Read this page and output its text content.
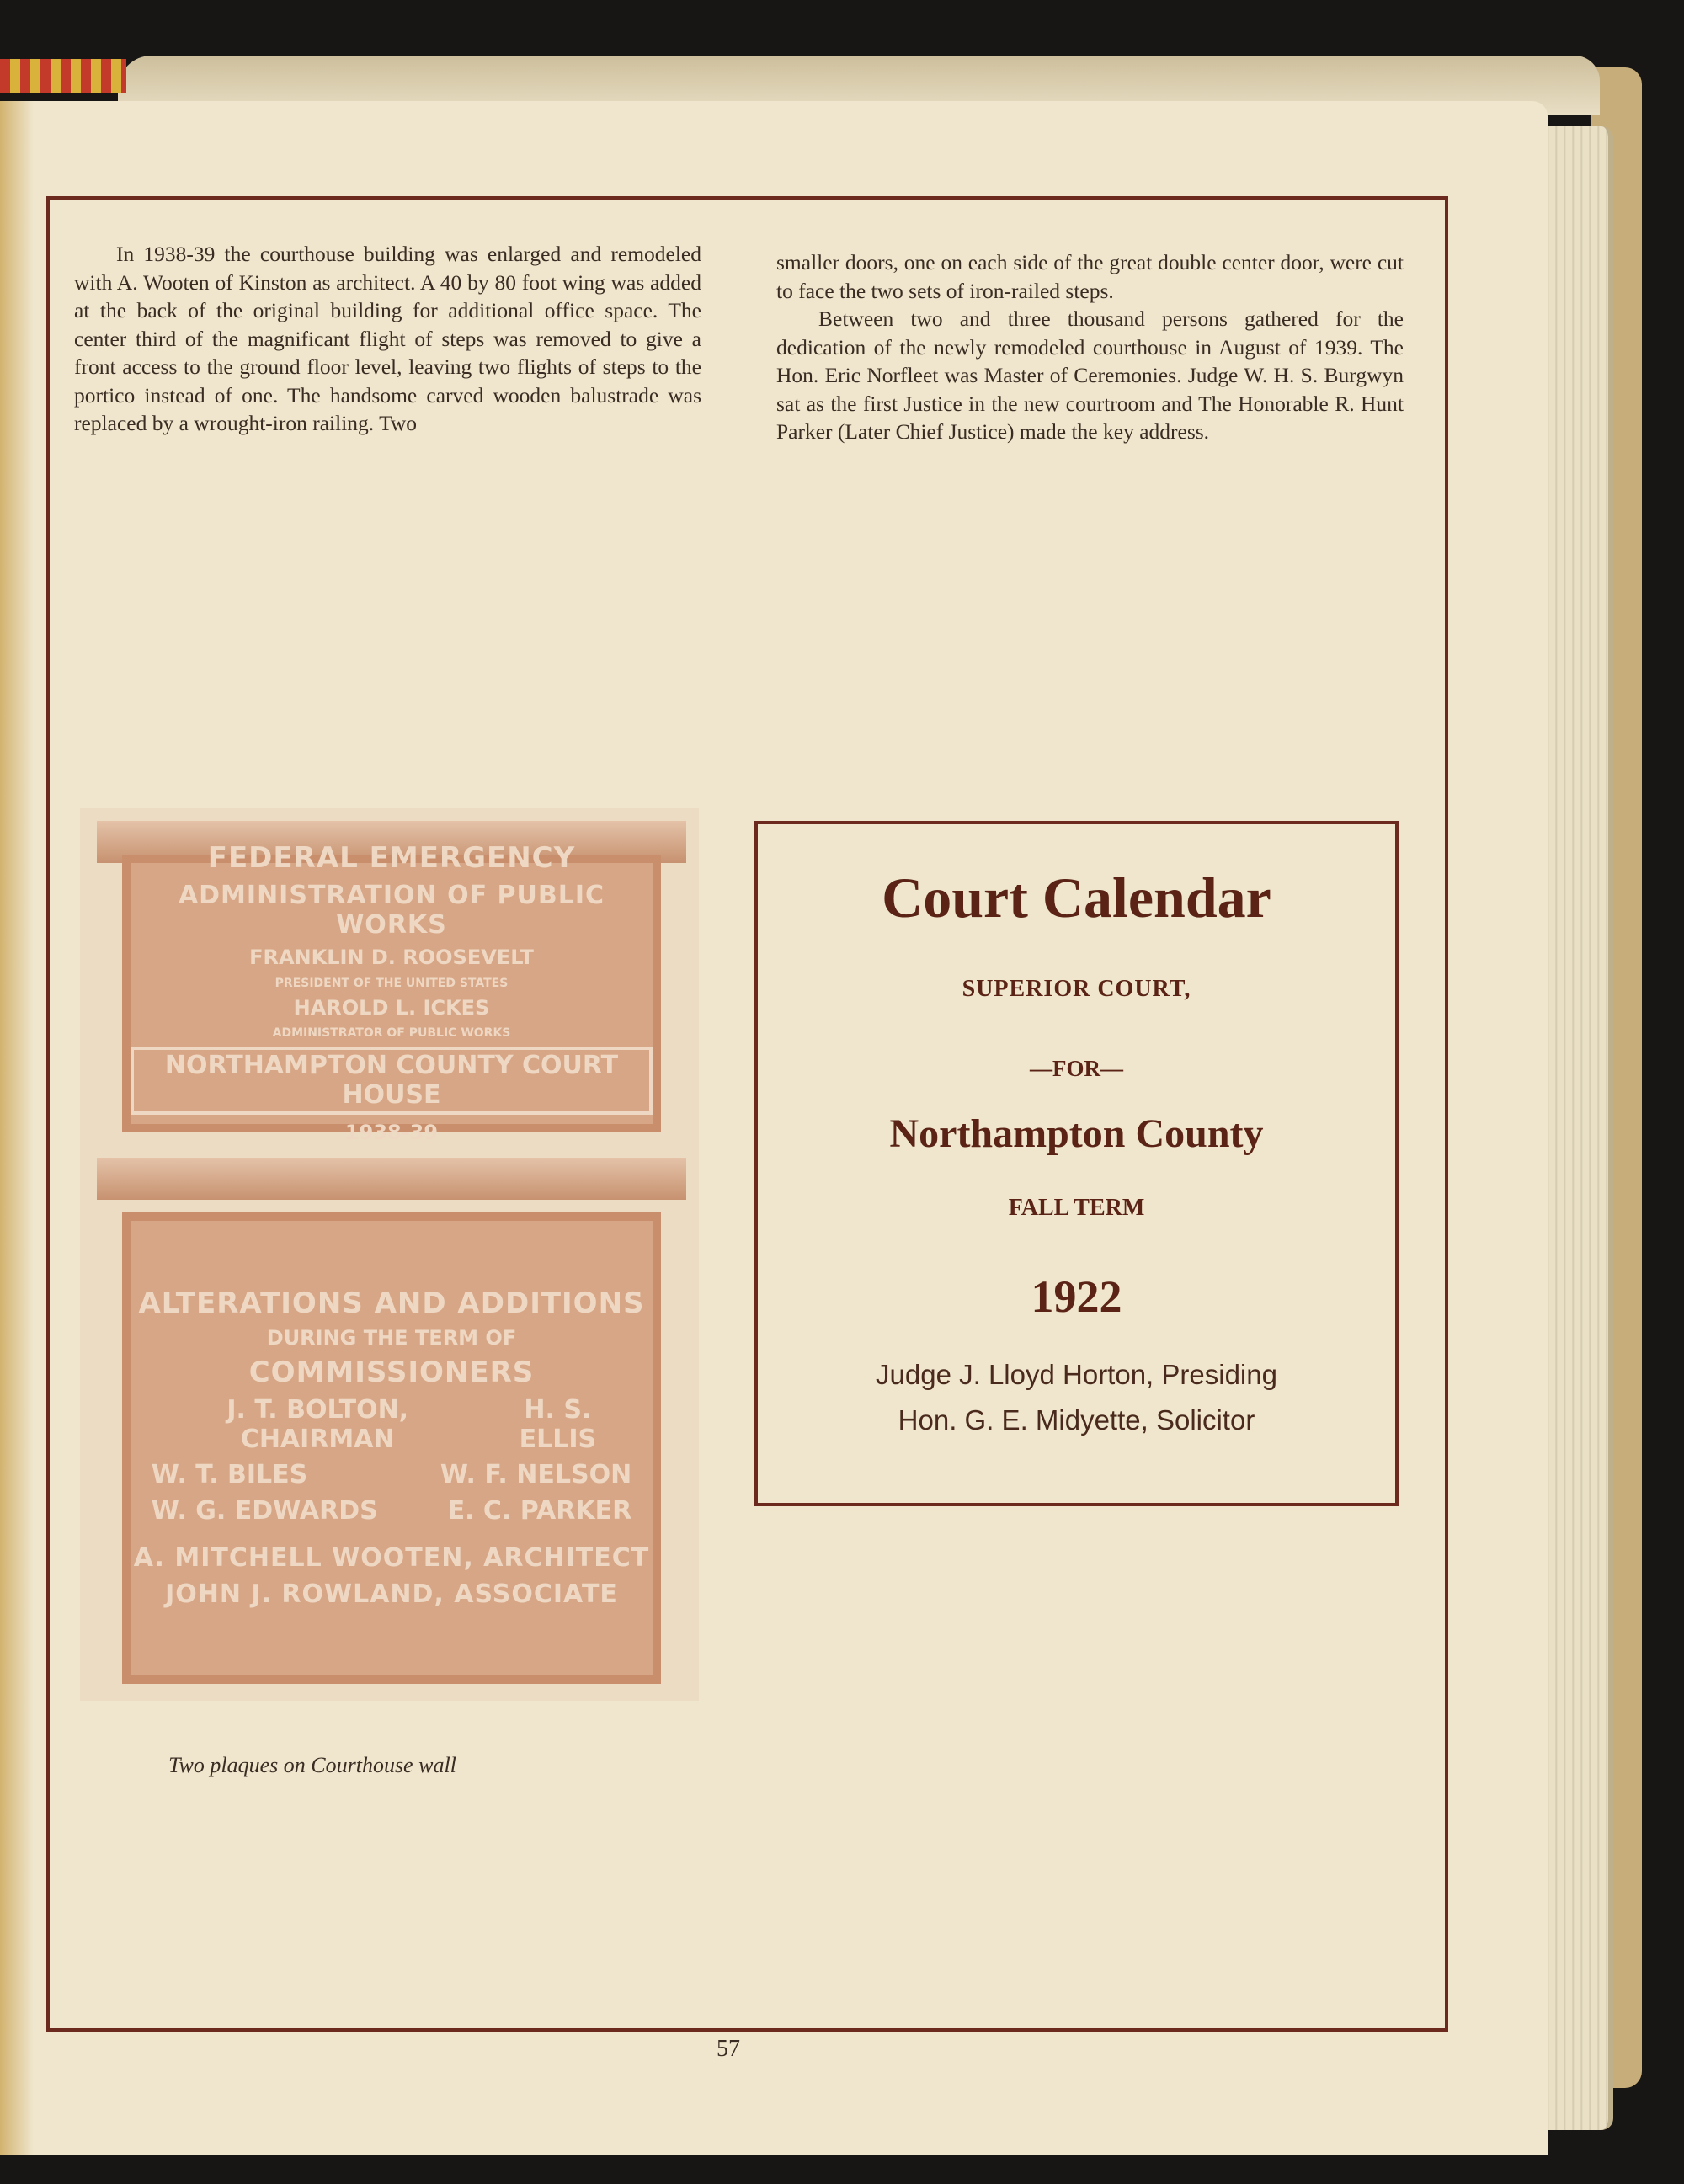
In 1938-39 the courthouse building was enlarged and remodeled with A. Wooten of Kinston as architect. A 40 by 80 foot wing was added at the back of the original building for additional office space. The center third of the magnificant flight of steps was removed to give a front access to the ground floor level, leaving two flights of steps to the portico instead of one. The handsome carved wooden balustrade was replaced by a wrought-iron railing. Two

smaller doors, one on each side of the great double center door, were cut to face the two sets of iron-railed steps.

Between two and three thousand persons gathered for the dedication of the newly remodeled courthouse in August of 1939. The Hon. Eric Norfleet was Master of Ceremonies. Judge W. H. S. Burgwyn sat as the first Justice in the new courtroom and The Honorable R. Hunt Parker (Later Chief Justice) made the key address.

FEDERAL EMERGENCY
ADMINISTRATION OF PUBLIC WORKS
FRANKLIN D. ROOSEVELT
PRESIDENT OF THE UNITED STATES
HAROLD L. ICKES
ADMINISTRATOR OF PUBLIC WORKS
NORTHAMPTON COUNTY COURT HOUSE
1938-39
ALTERATIONS AND ADDITIONS
DURING THE TERM OF
COMMISSIONERS
J. T. BOLTON, CHAIRMAN
H. S. ELLIS
W. T. BILES	W. F. NELSON
W. G. EDWARDS	E. C. PARKER
A. MITCHELL WOOTEN, ARCHITECT
JOHN J. ROWLAND, ASSOCIATE
Two plaques on Courthouse wall
Court Calendar
SUPERIOR COURT,
—FOR—
Northampton County
FALL TERM
1922
Judge J. Lloyd Horton, Presiding
Hon. G. E. Midyette, Solicitor
57
